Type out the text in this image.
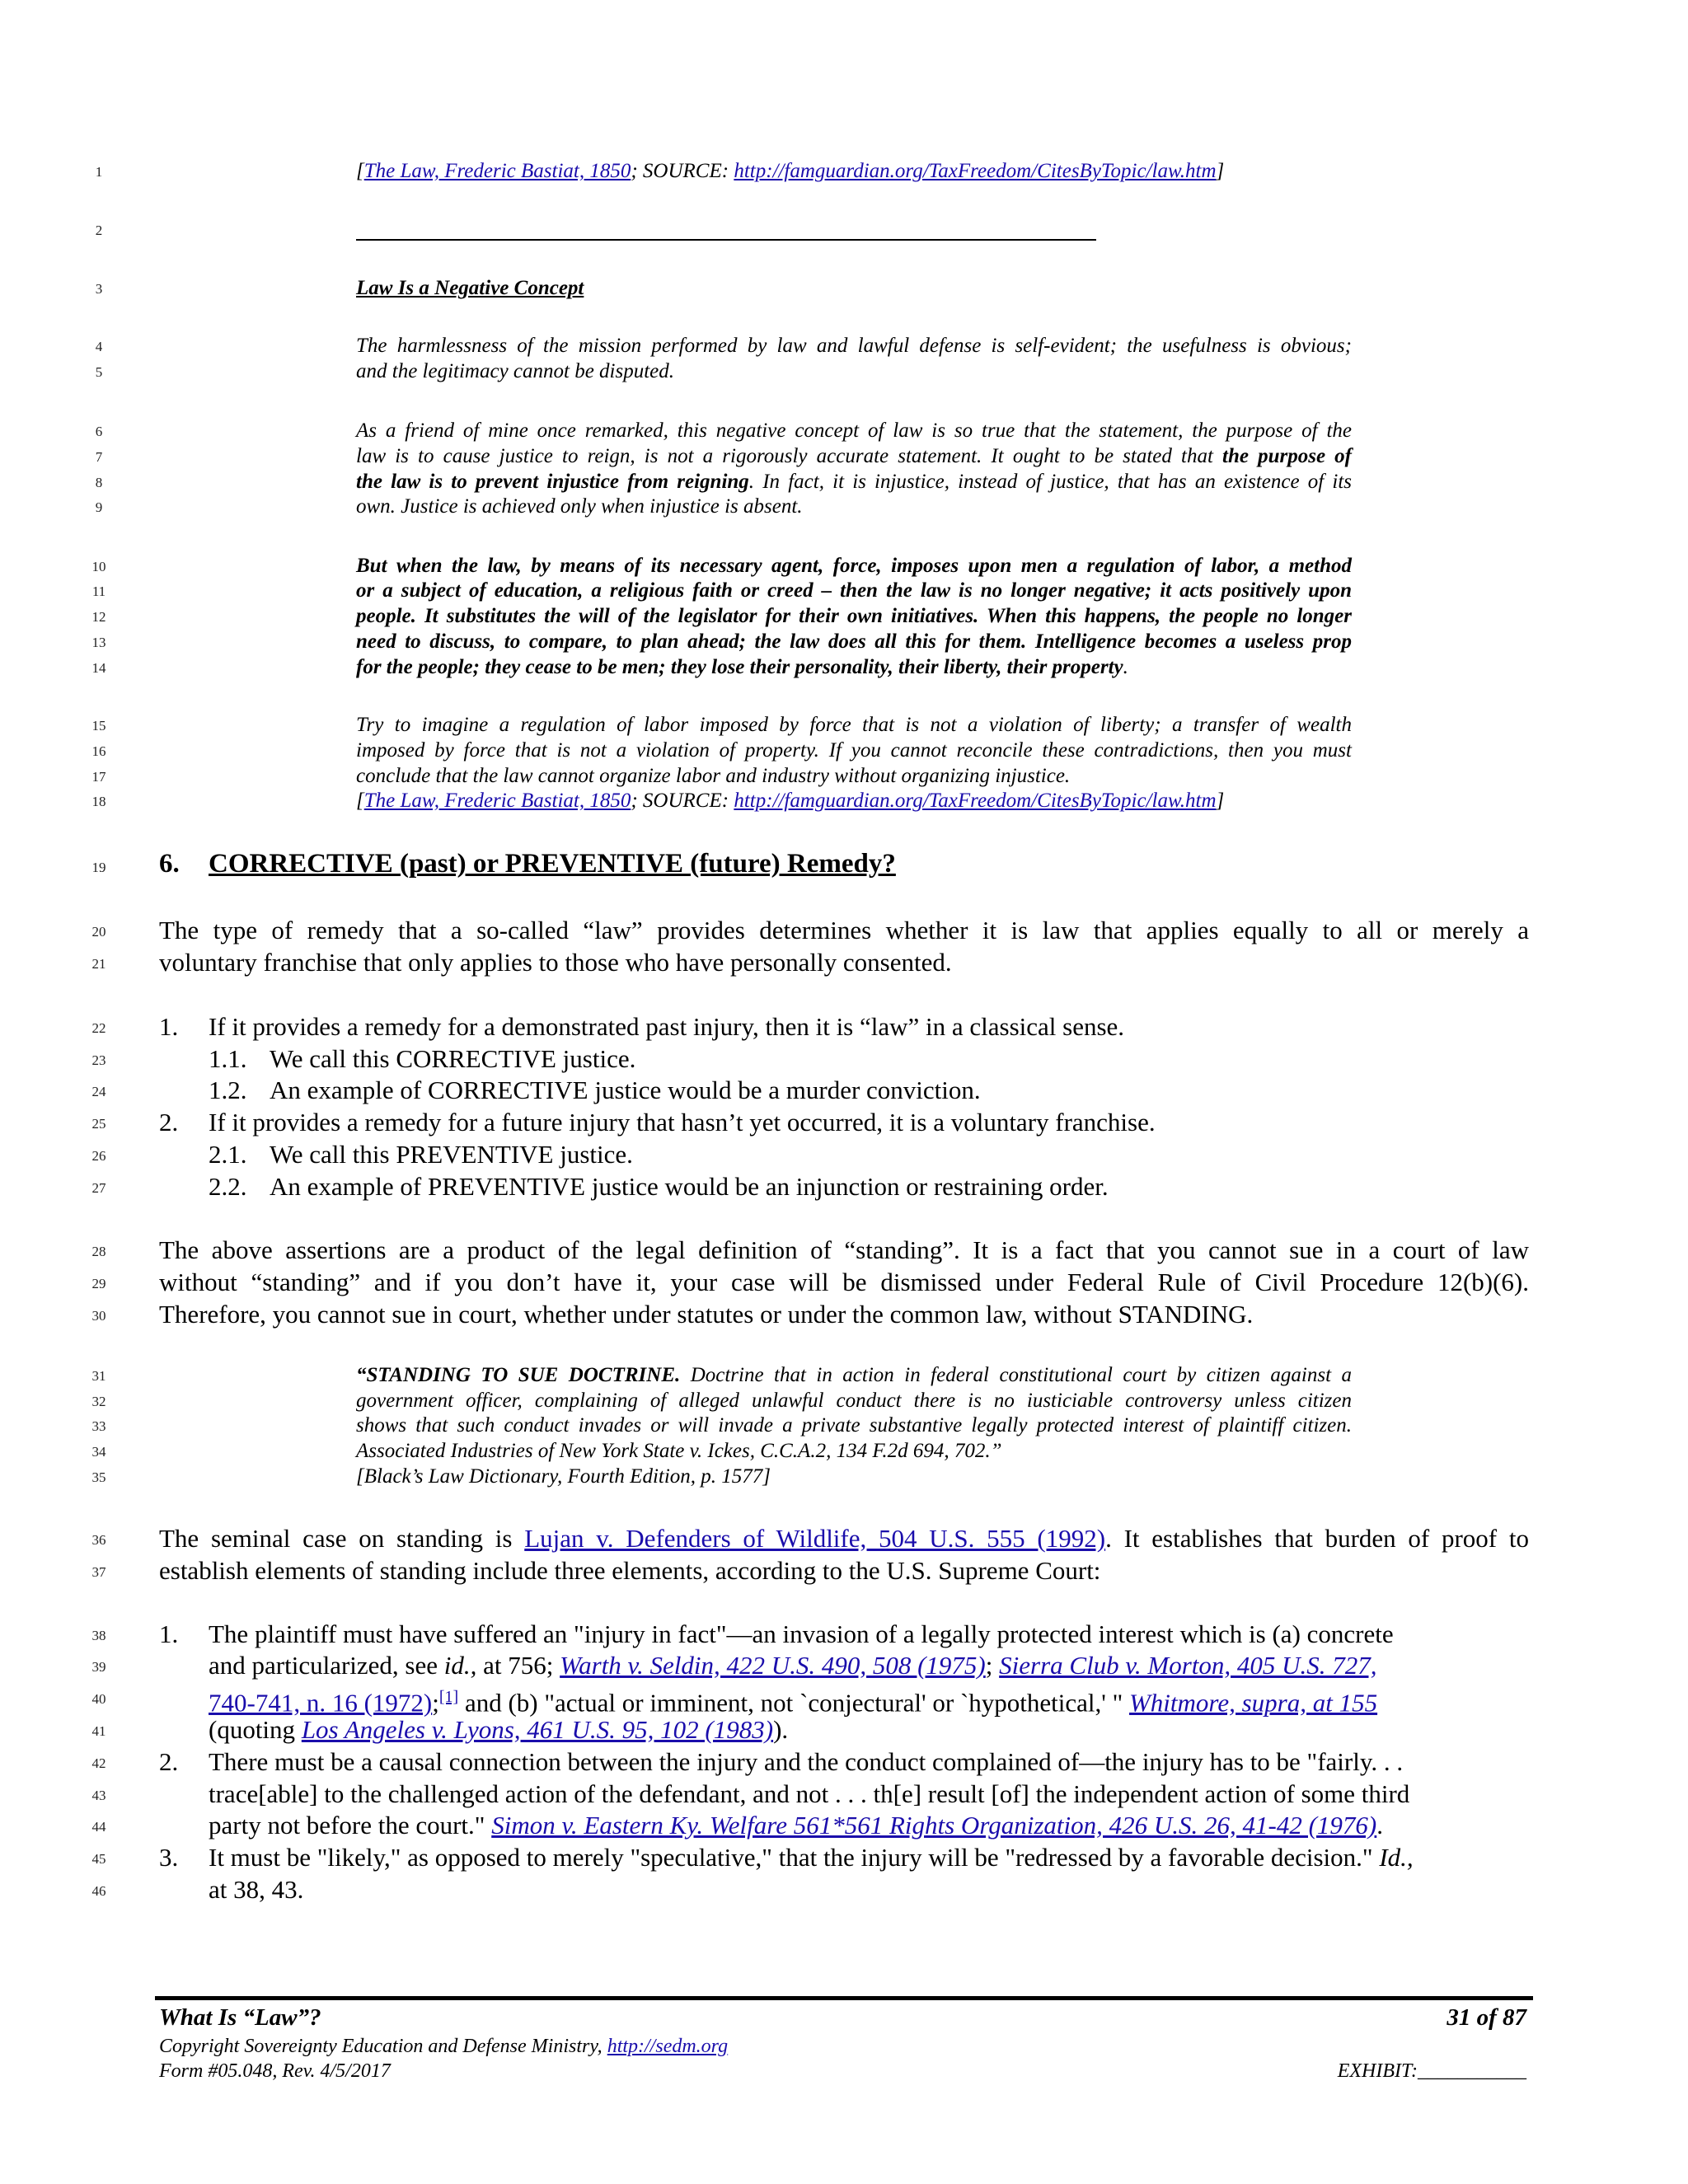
1
2
3
4
5
6
7
8
9
10
11
12
13
14
15
16
17
18
19
20
21
22
23
24
25
26
27
28
29
30
31
32
33
34
35
36
37
38
39
40
41
42
43
44
45
46
[The Law, Frederic Bastiat, 1850; SOURCE: http://famguardian.org/TaxFreedom/CitesByTopic/law.htm]
Law Is a Negative Concept
The harmlessness of the mission performed by law and lawful defense is self-evident; the usefulness is obvious;
and the legitimacy cannot be disputed.
As a friend of mine once remarked, this negative concept of law is so true that the statement, the purpose of the
law is to cause justice to reign, is not a rigorously accurate statement. It ought to be stated that the purpose of
the law is to prevent injustice from reigning. In fact, it is injustice, instead of justice, that has an existence of its
own. Justice is achieved only when injustice is absent.
But when the law, by means of its necessary agent, force, imposes upon men a regulation of labor, a method
or a subject of education, a religious faith or creed – then the law is no longer negative; it acts positively upon
people. It substitutes the will of the legislator for their own initiatives. When this happens, the people no longer
need to discuss, to compare, to plan ahead; the law does all this for them. Intelligence becomes a useless prop
for the people; they cease to be men; they lose their personality, their liberty, their property.
Try to imagine a regulation of labor imposed by force that is not a violation of liberty; a transfer of wealth
imposed by force that is not a violation of property. If you cannot reconcile these contradictions, then you must
conclude that the law cannot organize labor and industry without organizing injustice.
[The Law, Frederic Bastiat, 1850; SOURCE: http://famguardian.org/TaxFreedom/CitesByTopic/law.htm]
6. CORRECTIVE (past) or PREVENTIVE (future) Remedy?
The type of remedy that a so-called “law” provides determines whether it is law that applies equally to all or merely a
voluntary franchise that only applies to those who have personally consented.
1. If it provides a remedy for a demonstrated past injury, then it is “law” in a classical sense.
1.1. We call this CORRECTIVE justice.
1.2. An example of CORRECTIVE justice would be a murder conviction.
2. If it provides a remedy for a future injury that hasn’t yet occurred, it is a voluntary franchise.
2.1. We call this PREVENTIVE justice.
2.2. An example of PREVENTIVE justice would be an injunction or restraining order.
The above assertions are a product of the legal definition of “standing”. It is a fact that you cannot sue in a court of law
without “standing” and if you don’t have it, your case will be dismissed under Federal Rule of Civil Procedure 12(b)(6).
Therefore, you cannot sue in court, whether under statutes or under the common law, without STANDING.
“STANDING TO SUE DOCTRINE. Doctrine that in action in federal constitutional court by citizen against a
government officer, complaining of alleged unlawful conduct there is no iusticiable controversy unless citizen
shows that such conduct invades or will invade a private substantive legally protected interest of plaintiff citizen.
Associated Industries of New York State v. Ickes, C.C.A.2, 134 F.2d 694, 702.”
[Black’s Law Dictionary, Fourth Edition, p. 1577]
The seminal case on standing is Lujan v. Defenders of Wildlife, 504 U.S. 555 (1992). It establishes that burden of proof to
establish elements of standing include three elements, according to the U.S. Supreme Court:
1. The plaintiff must have suffered an "injury in fact"—an invasion of a legally protected interest which is (a) concrete
and particularized, see id., at 756; Warth v. Seldin, 422 U.S. 490, 508 (1975); Sierra Club v. Morton, 405 U.S. 727,
740-741, n. 16 (1972);[1] and (b) "actual or imminent, not `conjectural' or `hypothetical,' " Whitmore, supra, at 155
(quoting Los Angeles v. Lyons, 461 U.S. 95, 102 (1983)).
2. There must be a causal connection between the injury and the conduct complained of—the injury has to be "fairly. . .
trace[able] to the challenged action of the defendant, and not . . . th[e] result [of] the independent action of some third
party not before the court." Simon v. Eastern Ky. Welfare 561*561 Rights Organization, 426 U.S. 26, 41-42 (1976).
3. It must be "likely," as opposed to merely "speculative," that the injury will be "redressed by a favorable decision." Id.,
at 38, 43.
What Is “Law”?	31 of 87
Copyright Sovereignty Education and Defense Ministry, http://sedm.org
Form #05.048, Rev. 4/5/2017	EXHIBIT:___________
